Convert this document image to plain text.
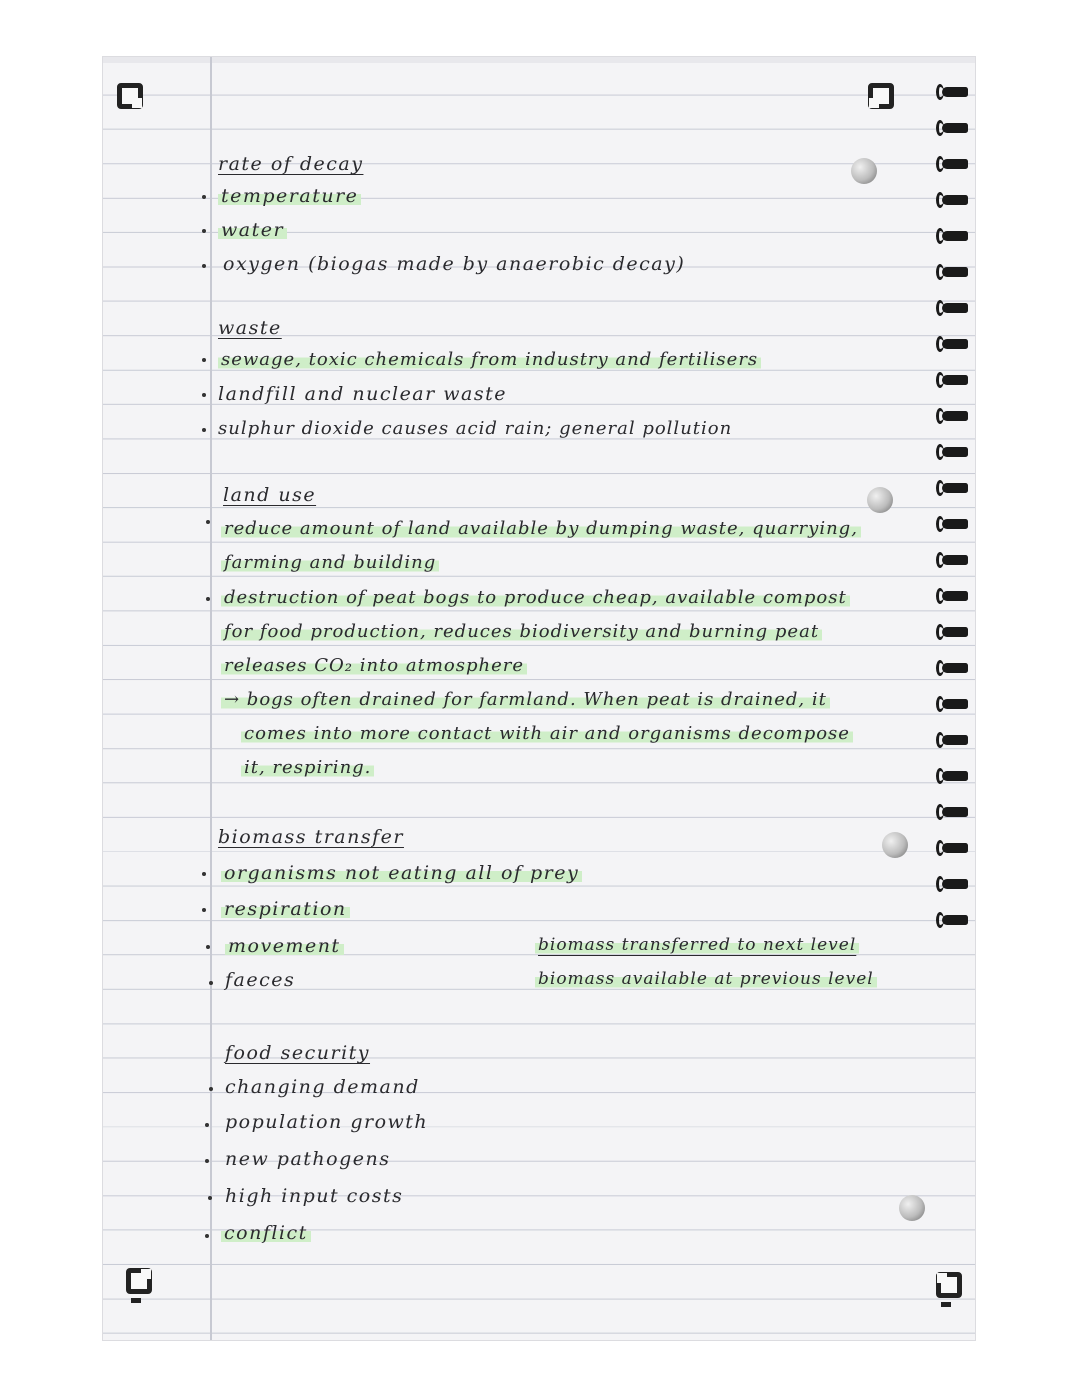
rate of decay
temperature
water
oxygen (biogas made by anaerobic decay)
waste
sewage, toxic chemicals from industry and fertilisers
landfill and nuclear waste
sulphur dioxide causes acid rain; general pollution
land use
reduce amount of land available by dumping waste, quarrying,
farming and building
destruction of peat bogs to produce cheap, available compost
for food production, reduces biodiversity and burning peat
releases CO₂ into atmosphere
→ bogs often drained for farmland. When peat is drained, it
comes into more contact with air and organisms decompose
it, respiring.
biomass transfer
organisms not eating all of prey
respiration
movement
faeces
biomass transferred to next level
biomass available at previous level
food security
changing demand
population growth
new pathogens
high input costs
conflict
